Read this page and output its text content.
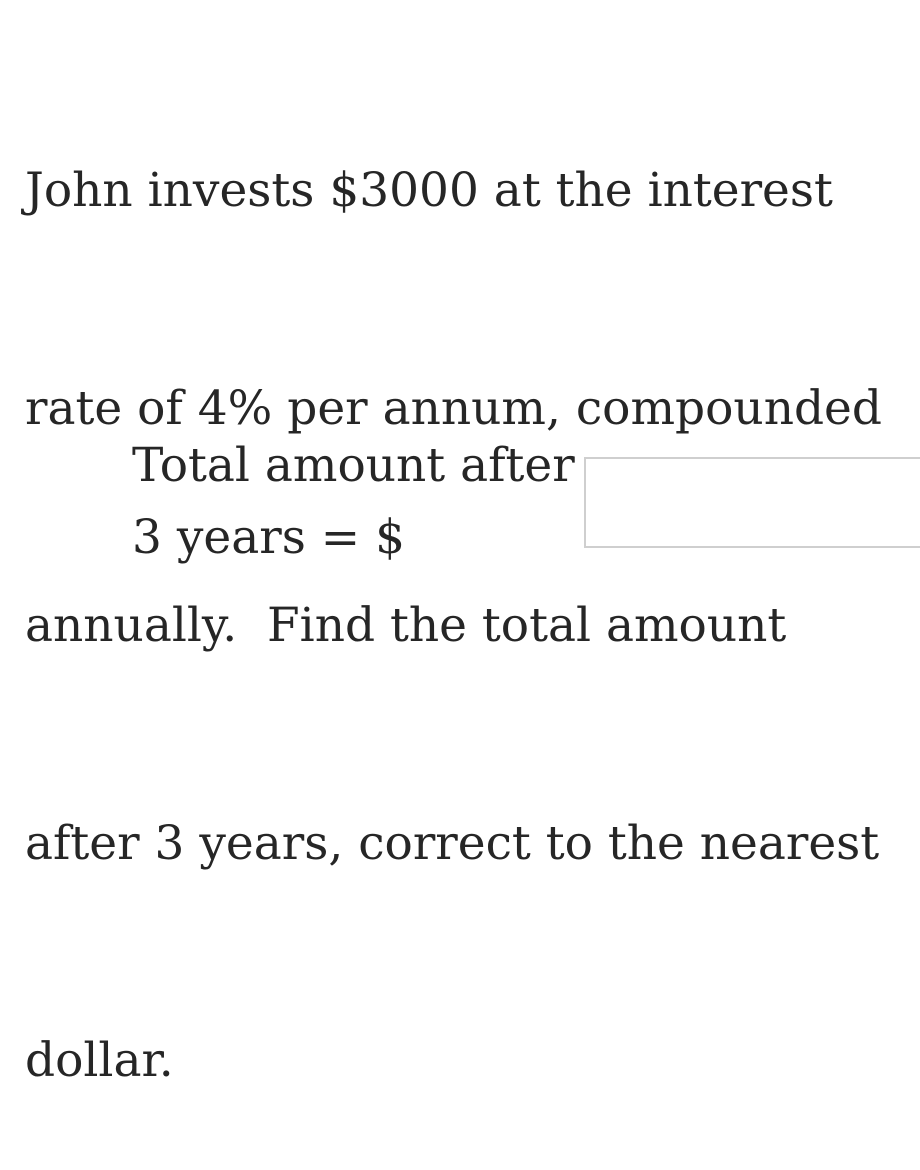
John invests $3000 at the interest

rate of 4% per annum, compounded

annually.  Find the total amount

after 3 years, correct to the nearest

dollar.

Total amount after
3 years = $
